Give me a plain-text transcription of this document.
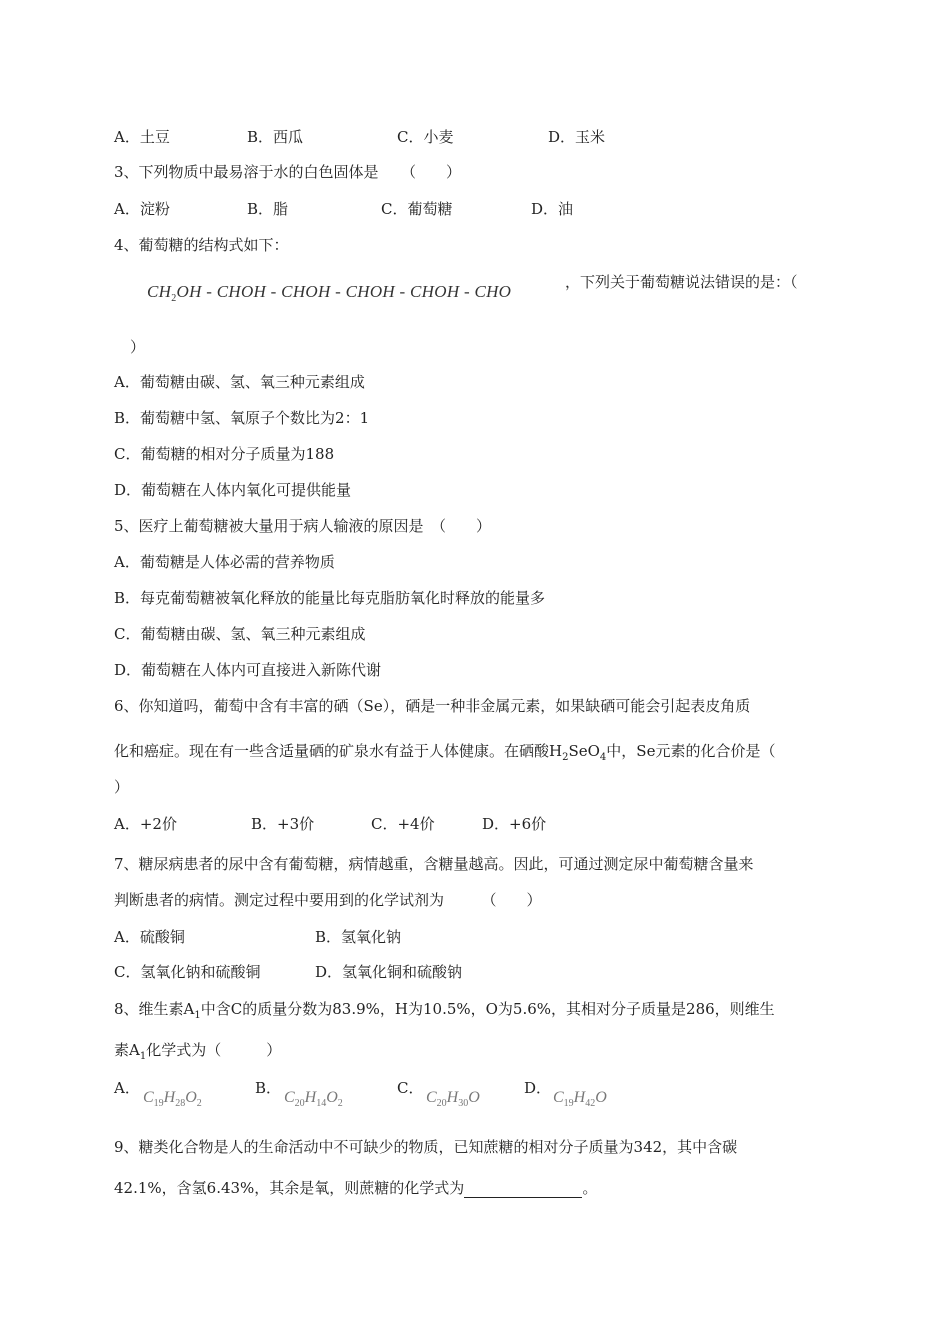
A．土豆	B．西瓜	C．小麦	D．玉米
3、下列物质中最易溶于水的白色固体是　　（　　）
A．淀粉	B．脂	C．葡萄糖	D．油
4、葡萄糖的结构式如下：
$CH_2OH$ - CHOH - CHOH - CHOH - CHOH - CHO	，下列关于葡萄糖说法错误的是：（
）
A．葡萄糖由碳、氢、氧三种元素组成
B．葡萄糖中氢、氧原子个数比为2：1
C．葡萄糖的相对分子质量为188
D．葡萄糖在人体内氧化可提供能量
5、医疗上葡萄糖被大量用于病人输液的原因是　（　　）
A．葡萄糖是人体必需的营养物质
B．每克葡萄糖被氧化释放的能量比每克脂肪氧化时释放的能量多
C．葡萄糖由碳、氢、氧三种元素组成
D．葡萄糖在人体内可直接进入新陈代谢
6、你知道吗，葡萄中含有丰富的硒（Se），硒是一种非金属元素，如果缺硒可能会引起表皮角质
化和癌症。现在有一些含适量硒的矿泉水有益于人体健康。在硒酸$H_2SeO_4$中，Se元素的化合价是（
）
A．+2价	B．+3价	C．+4价	D．+6价
7、糖尿病患者的尿中含有葡萄糖，病情越重，含糖量越高。因此，可通过测定尿中葡萄糖含量来
判断患者的病情。测定过程中要用到的化学试剂为　　　（　　）
A．硫酸铜	B．氢氧化钠
C．氢氧化钠和硫酸铜	D．氢氧化铜和硫酸钠
8、维生素$A_1$中含C的质量分数为83.9%，H为10.5%，O为5.6%，其相对分子质量是286，则维生
素$A_1$化学式为（　　　）
A．
$C_{19}H_{28}O_2$
B．
$C_{20}H_{14}O_2$
C．
$C_{20}H_{30}O$
D．
$C_{19}H_{42}O$
9、糖类化合物是人的生命活动中不可缺少的物质，已知蔗糖的相对分子质量为342，其中含碳
42.1%，含氢6.43%，其余是氧，则蔗糖的化学式为	。
